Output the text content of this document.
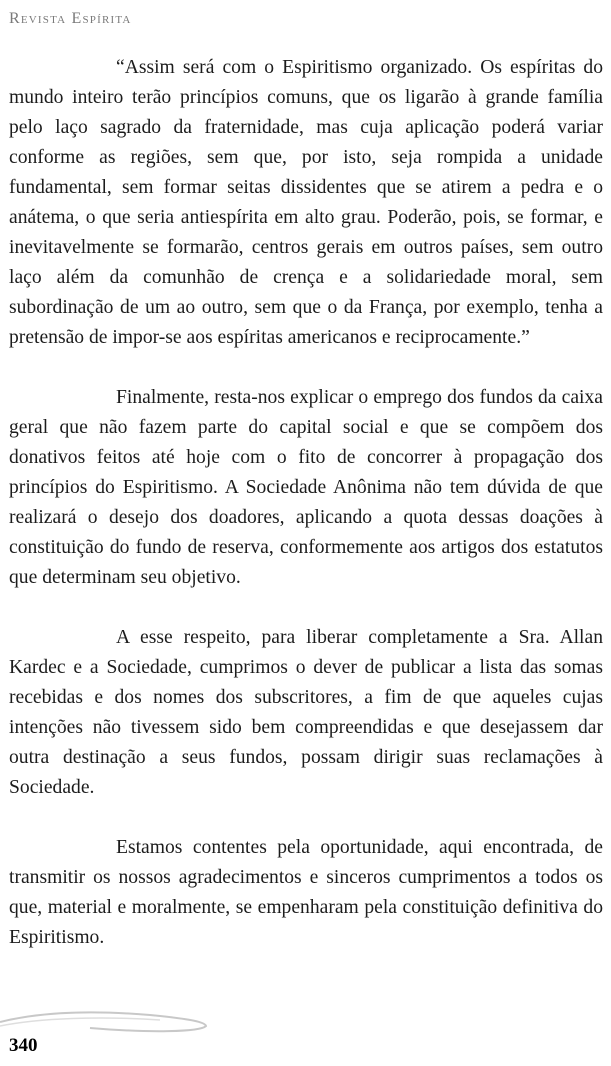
Revista Espírita

“Assim será com o Espiritismo organizado. Os espíritas do mundo inteiro terão princípios comuns, que os ligarão à grande família pelo laço sagrado da fraternidade, mas cuja aplicação poderá variar conforme as regiões, sem que, por isto, seja rompida a unidade fundamental, sem formar seitas dissidentes que se atirem a pedra e o anátema, o que seria antiespírita em alto grau. Poderão, pois, se formar, e inevitavelmente se formarão, centros gerais em outros países, sem outro laço além da comunhão de crença e a solidariedade moral, sem subordinação de um ao outro, sem que o da França, por exemplo, tenha a pretensão de impor-se aos espíritas americanos e reciprocamente.”

Finalmente, resta-nos explicar o emprego dos fundos da caixa geral que não fazem parte do capital social e que se compõem dos donativos feitos até hoje com o fito de concorrer à propagação dos princípios do Espiritismo. A Sociedade Anônima não tem dúvida de que realizará o desejo dos doadores, aplicando a quota dessas doações à constituição do fundo de reserva, conformemente aos artigos dos estatutos que determinam seu objetivo.

A esse respeito, para liberar completamente a Sra. Allan Kardec e a Sociedade, cumprimos o dever de publicar a lista das somas recebidas e dos nomes dos subscritores, a fim de que aqueles cujas intenções não tivessem sido bem compreendidas e que desejassem dar outra destinação a seus fundos, possam dirigir suas reclamações à Sociedade.

Estamos contentes pela oportunidade, aqui encontrada, de transmitir os nossos agradecimentos e sinceros cumprimentos a todos os que, material e moralmente, se empenharam pela constituição definitiva do Espiritismo.

340
